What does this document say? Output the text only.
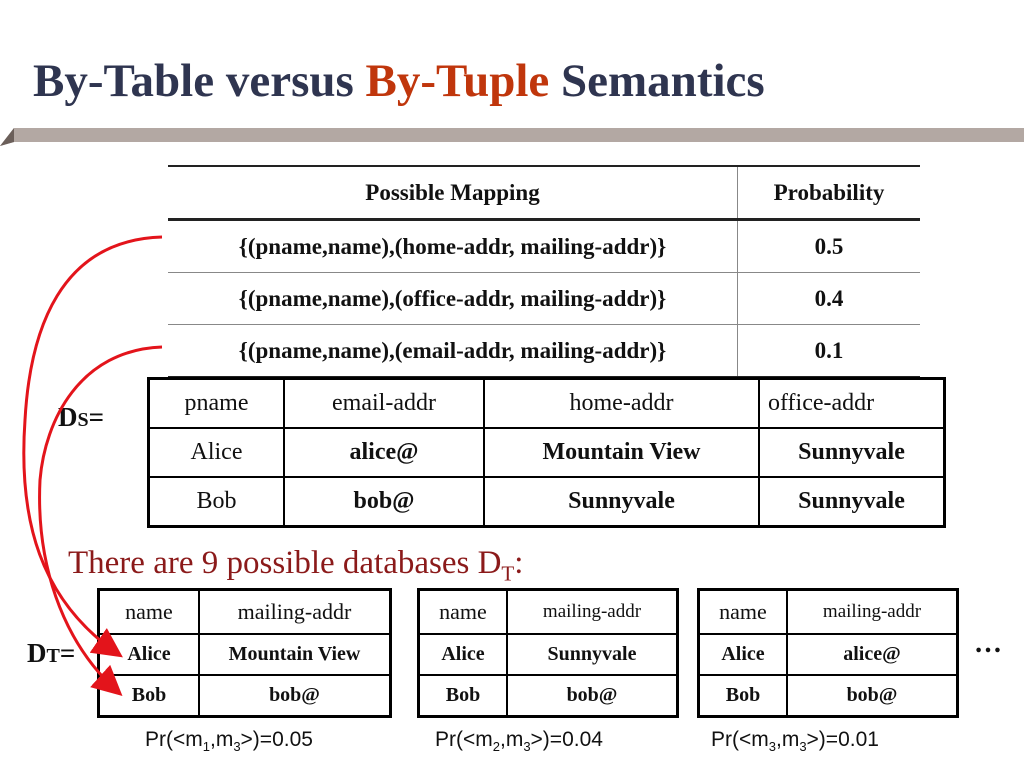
By-Table versus By-Tuple Semantics
Possible Mapping	Probability
{(pname,name),(home-addr, mailing-addr)}	0.5
{(pname,name),(office-addr, mailing-addr)}	0.4
{(pname,name),(email-addr, mailing-addr)}	0.1
DS=	pname	email-addr	home-addr	office-addr
Alice	alice@	Mountain View	Sunnyvale
Bob	bob@	Sunnyvale	Sunnyvale
There are 9 possible databases $D_T$:
DT=
name	mailing-addr
Alice	Mountain View
Bob	bob@
name	mailing-addr
Alice	Sunnyvale
Bob	bob@
name	mailing-addr
Alice	alice@
Bob	bob@
…
$Pr(<m_1,m_3>)=0.05$	$Pr(<m_2,m_3>)=0.04$	$Pr(<m_3,m_3>)=0.01$
